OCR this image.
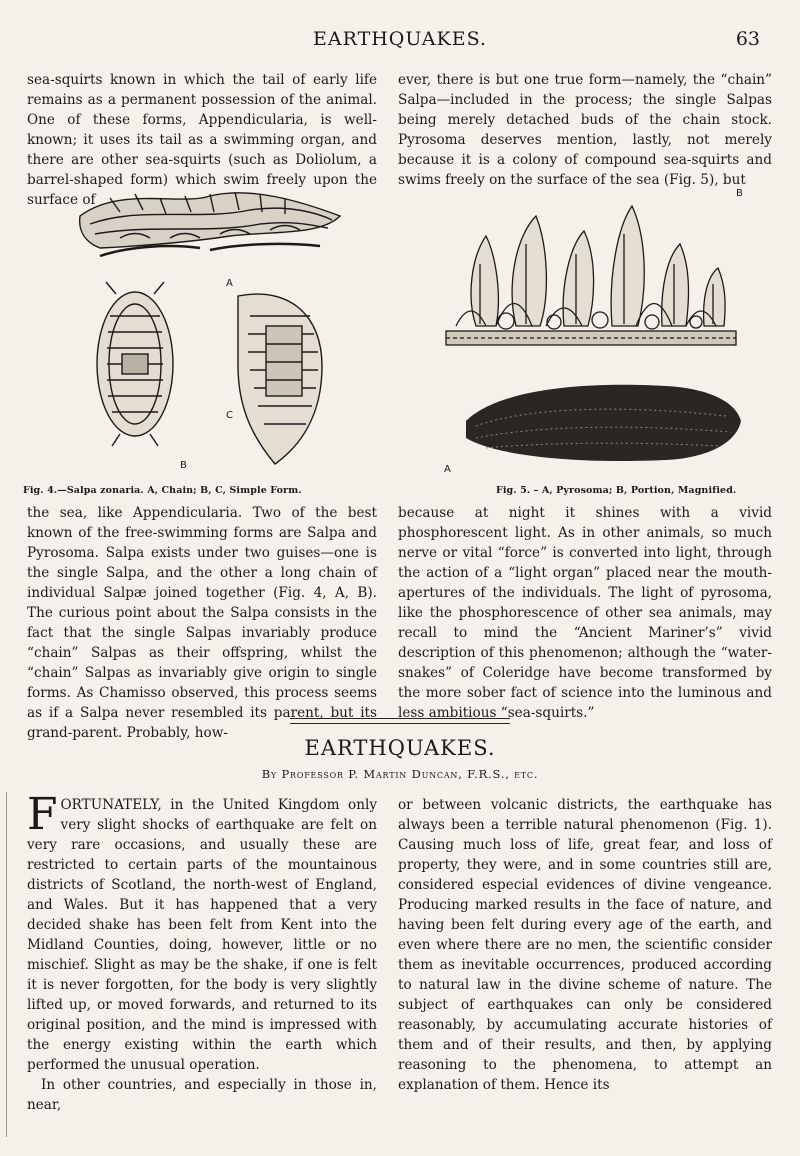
EARTHQUAKES.	63

sea-squirts known in which the tail of early life remains as a permanent possession of the animal. One of these forms, Appendicularia, is well-known; it uses its tail as a swimming organ, and there are other sea-squirts (such as Doliolum, a barrel-shaped form) which swim freely upon the surface of

ever, there is but one true form—namely, the “chain” Salpa—included in the process; the single Salpas being merely detached buds of the chain stock. Pyrosoma deserves mention, lastly, not merely because it is a colony of compound sea-squirts and swims freely on the surface of the sea (Fig. 5), but

A
B
C
Fig. 4.—Salpa zonaria. A, Chain; B, C, Simple Form.
B
A
Fig. 5. – A, Pyrosoma; B, Portion, Magnified.

the sea, like Appendicularia. Two of the best known of the free-swimming forms are Salpa and Pyrosoma. Salpa exists under two guises—one is the single Salpa, and the other a long chain of individual Salpæ joined together (Fig. 4, A, B). The curious point about the Salpa consists in the fact that the single Salpas invariably produce “chain” Salpas as their offspring, whilst the “chain” Salpas as invariably give origin to single forms. As Chamisso observed, this process seems as if a Salpa never resembled its parent, but its grand-parent. Probably, how-

because at night it shines with a vivid phosphorescent light. As in other animals, so much nerve or vital “force” is converted into light, through the action of a “light organ” placed near the mouth-apertures of the individuals. The light of pyrosoma, like the phosphorescence of other sea animals, may recall to mind the “Ancient Mariner’s” vivid description of this phenomenon; although the “water-snakes” of Coleridge have become transformed by the more sober fact of science into the luminous and less ambitious “sea-squirts.”

EARTHQUAKES.
By Professor P. Martin Duncan, F.R.S., etc.

FORTUNATELY, in the United Kingdom only very slight shocks of earthquake are felt on very rare occasions, and usually these are restricted to certain parts of the mountainous districts of Scotland, the north-west of England, and Wales. But it has happened that a very decided shake has been felt from Kent into the Midland Counties, doing, however, little or no mischief. Slight as may be the shake, if one is felt it is never forgotten, for the body is very slightly lifted up, or moved forwards, and returned to its original position, and the mind is impressed with the energy existing within the earth which performed the unusual operation.

In other countries, and especially in those in, near,

or between volcanic districts, the earthquake has always been a terrible natural phenomenon (Fig. 1). Causing much loss of life, great fear, and loss of property, they were, and in some countries still are, considered especial evidences of divine vengeance. Producing marked results in the face of nature, and having been felt during every age of the earth, and even where there are no men, the scientific consider them as inevitable occurrences, produced according to natural law in the divine scheme of nature. The subject of earthquakes can only be considered reasonably, by accumulating accurate histories of them and of their results, and then, by applying reasoning to the phenomena, to attempt an explanation of them. Hence its
